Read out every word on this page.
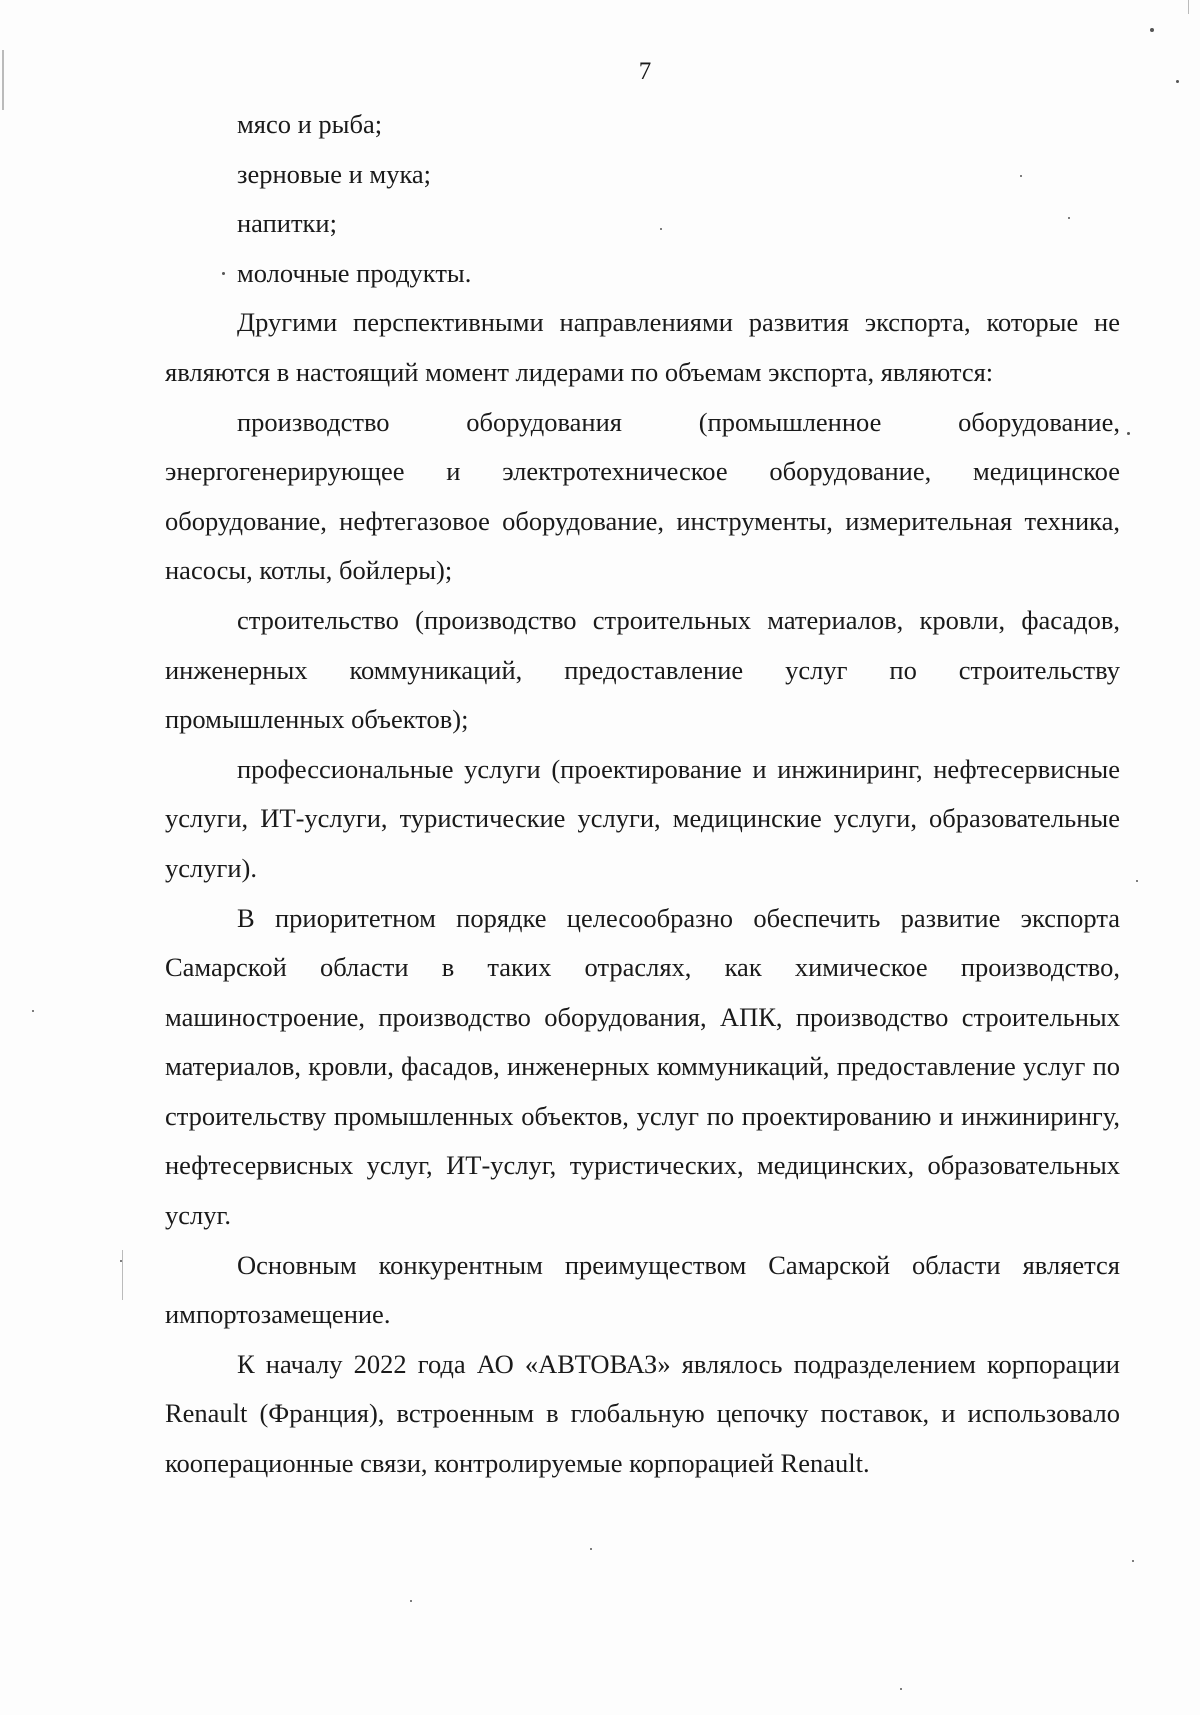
7

мясо и рыба;

зерновые и мука;

напитки;

молочные продукты.

Другими перспективными направлениями развития экспорта, которые не являются в настоящий момент лидерами по объемам экспорта, являются:

производство оборудования (промышленное оборудование, энергогенерирующее и электротехническое оборудование, медицинское оборудование, нефтегазовое оборудование, инструменты, измерительная техника, насосы, котлы, бойлеры);

строительство (производство строительных материалов, кровли, фасадов, инженерных коммуникаций, предоставление услуг по строительству промышленных объектов);

профессиональные услуги (проектирование и инжиниринг, нефтесервисные услуги, ИТ-услуги, туристические услуги, медицинские услуги, образовательные услуги).

В приоритетном порядке целесообразно обеспечить развитие экспорта Самарской области в таких отраслях, как химическое производство, машиностроение, производство оборудования, АПК, производство строительных материалов, кровли, фасадов, инженерных коммуникаций, предоставление услуг по строительству промышленных объектов, услуг по проектированию и инжинирингу, нефтесервисных услуг, ИТ-услуг, туристических, медицинских, образовательных услуг.

Основным конкурентным преимуществом Самарской области является импортозамещение.

К началу 2022 года АО «АВТОВАЗ» являлось подразделением корпорации Renault (Франция), встроенным в глобальную цепочку поставок, и использовало кооперационные связи, контролируемые корпорацией Renault.
